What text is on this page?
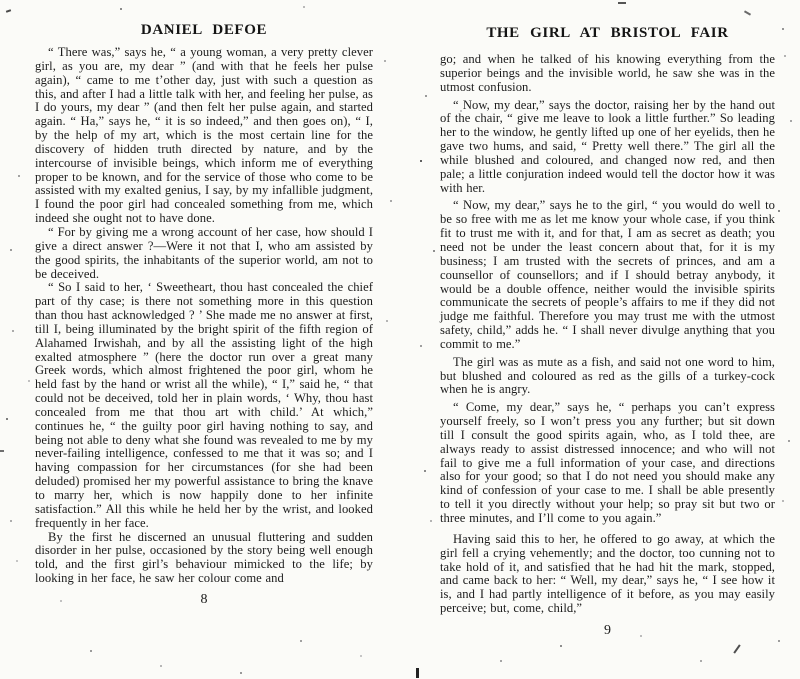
DANIEL DEFOE

“ There was,” says he, “ a young woman, a very pretty clever girl, as you are, my dear ” (and with that he feels her pulse again), “ came to me t’other day, just with such a question as this, and after I had a little talk with her, and feeling her pulse, as I do yours, my dear ” (and then felt her pulse again, and started again. “ Ha,” says he, “ it is so indeed,” and then goes on), “ I, by the help of my art, which is the most certain line for the discovery of hidden truth directed by nature, and by the intercourse of invisible beings, which inform me of everything proper to be known, and for the service of those who come to be assisted with my exalted genius, I say, by my infallible judgment, I found the poor girl had concealed something from me, which indeed she ought not to have done.

“ For by giving me a wrong account of her case, how should I give a direct answer ?—Were it not that I, who am assisted by the good spirits, the inhabitants of the superior world, am not to be deceived.

“ So I said to her, ‘ Sweetheart, thou hast concealed the chief part of thy case; is there not something more in this question than thou hast acknowledged ? ’ She made me no answer at first, till I, being illuminated by the bright spirit of the fifth region of Alahamed Irwishah, and by all the assisting light of the high exalted atmosphere ” (here the doctor run over a great many Greek words, which almost frightened the poor girl, whom he held fast by the hand or wrist all the while), “ I,” said he, “ that could not be deceived, told her in plain words, ‘ Why, thou hast concealed from me that thou art with child.’ At which,” continues he, “ the guilty poor girl having nothing to say, and being not able to deny what she found was revealed to me by my never-failing intelligence, confessed to me that it was so; and I having compassion for her circumstances (for she had been deluded) promised her my powerful assistance to bring the knave to marry her, which is now happily done to her infinite satisfaction.” All this while he held her by the wrist, and looked frequently in her face.

By the first he discerned an unusual fluttering and sudden disorder in her pulse, occasioned by the story being well enough told, and the first girl’s behaviour mimicked to the life; by looking in her face, he saw her colour come and

8
THE GIRL AT BRISTOL FAIR

go; and when he talked of his knowing everything from the superior beings and the invisible world, he saw she was in the utmost confusion.

“ Now, my dear,” says the doctor, raising her by the hand out of the chair, “ give me leave to look a little further.” So leading her to the window, he gently lifted up one of her eyelids, then he gave two hums, and said, “ Pretty well there.” The girl all the while blushed and coloured, and changed now red, and then pale; a little conjuration indeed would tell the doctor how it was with her.

“ Now, my dear,” says he to the girl, “ you would do well to be so free with me as let me know your whole case, if you think fit to trust me with it, and for that, I am as secret as death; you need not be under the least concern about that, for it is my business; I am trusted with the secrets of princes, and am a counsellor of counsellors; and if I should betray anybody, it would be a double offence, neither would the invisible spirits communicate the secrets of people’s affairs to me if they did not judge me faithful. Therefore you may trust me with the utmost safety, child,” adds he. “ I shall never divulge anything that you commit to me.”

The girl was as mute as a fish, and said not one word to him, but blushed and coloured as red as the gills of a turkey-cock when he is angry.

“ Come, my dear,” says he, “ perhaps you can’t express yourself freely, so I won’t press you any further; but sit down till I consult the good spirits again, who, as I told thee, are always ready to assist distressed innocence; and who will not fail to give me a full information of your case, and directions also for your good; so that I do not need you should make any kind of confession of your case to me. I shall be able presently to tell it you directly without your help; so pray sit but two or three minutes, and I’ll come to you again.”

Having said this to her, he offered to go away, at which the girl fell a crying vehemently; and the doctor, too cunning not to take hold of it, and satisfied that he had hit the mark, stopped, and came back to her: “ Well, my dear,” says he, “ I see how it is, and I had partly intelligence of it before, as you may easily perceive; but, come, child,”

9
